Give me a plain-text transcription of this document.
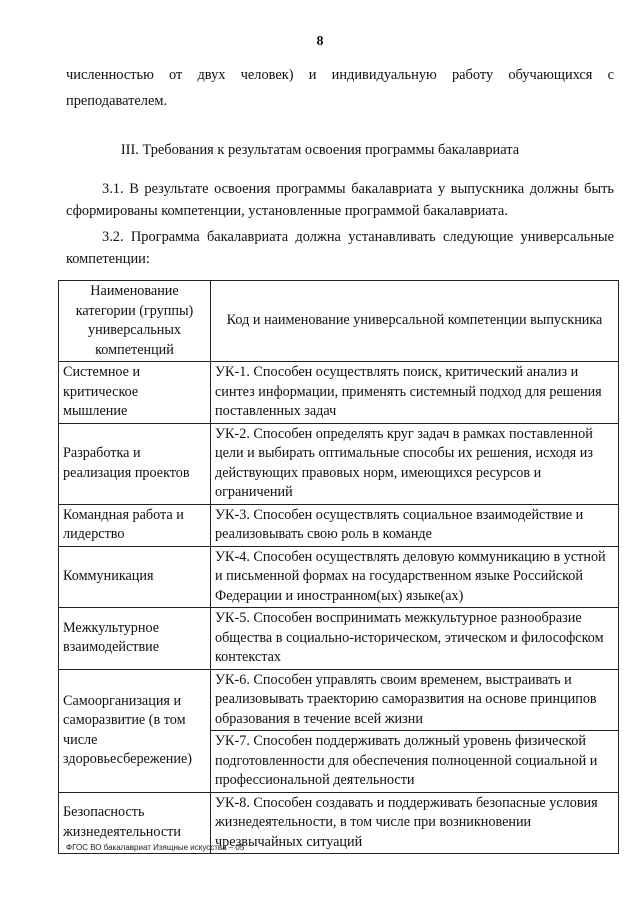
8
численностью от двух человек) и индивидуальную работу обучающихся с
преподавателем.
III. Требования к результатам освоения программы бакалавриата
3.1. В результате освоения программы бакалавриата у выпускника должны быть сформированы компетенции, установленные программой бакалавриата.
3.2. Программа бакалавриата должна устанавливать следующие универсальные компетенции:
Наименование категории (группы) универсальных компетенций	Код и наименование универсальной компетенции выпускника
Системное и критическое мышление	УК-1. Способен осуществлять поиск, критический анализ и синтез информации, применять системный подход для решения поставленных задач
Разработка и реализация проектов	УК-2. Способен определять круг задач в рамках поставленной цели и выбирать оптимальные способы их решения, исходя из действующих правовых норм, имеющихся ресурсов и ограничений
Командная работа и лидерство	УК-3. Способен осуществлять социальное взаимодействие и реализовывать свою роль в команде
Коммуникация	УК-4. Способен осуществлять деловую коммуникацию в устной и письменной формах на государственном языке Российской Федерации и иностранном(ых) языке(ах)
Межкультурное взаимодействие	УК-5. Способен воспринимать межкультурное разнообразие общества в социально-историческом, этическом и философском контекстах
Самоорганизация и саморазвитие (в том числе здоровьесбережение)	УК-6. Способен управлять своим временем, выстраивать и реализовывать траекторию саморазвития на основе принципов образования в течение всей жизни
	УК-7. Способен поддерживать должный уровень физической подготовленности для обеспечения полноценной социальной и профессиональной деятельности
Безопасность жизнедеятельности	УК-8. Способен создавать и поддерживать безопасные условия жизнедеятельности, в том числе при возникновении чрезвычайных ситуаций
ФГОС ВО бакалавриат Изящные искусства – 05
